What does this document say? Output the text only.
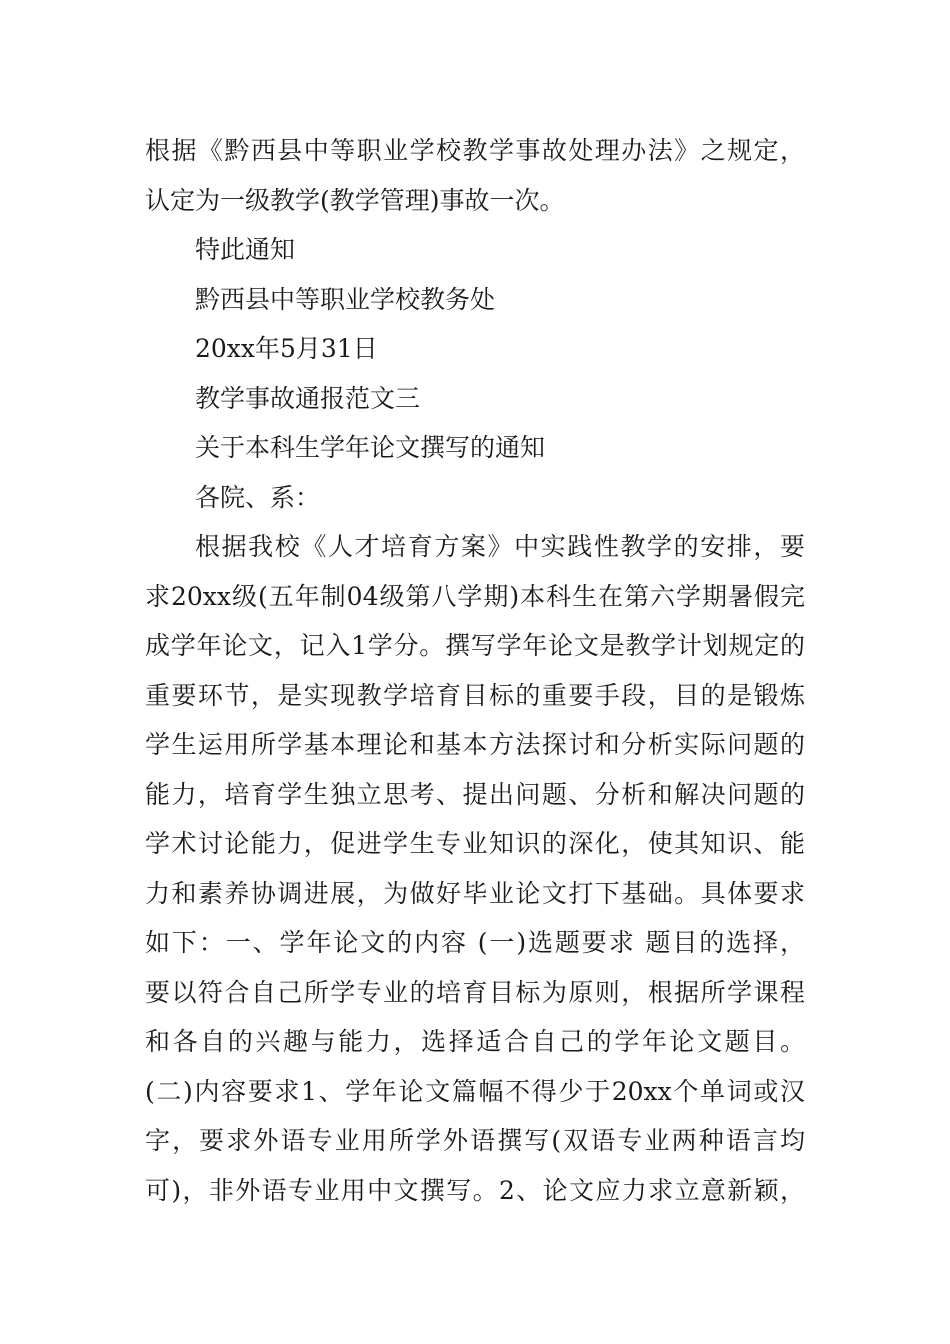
根据《黔西县中等职业学校教学事故处理办法》之规定，
认定为一级教学(教学管理)事故一次。
特此通知
黔西县中等职业学校教务处
20xx年5月31日
教学事故通报范文三
关于本科生学年论文撰写的通知
各院、系：
根据我校《人才培育方案》中实践性教学的安排，要
求20xx级(五年制04级第八学期)本科生在第六学期暑假完
成学年论文，记入1学分。撰写学年论文是教学计划规定的
重要环节，是实现教学培育目标的重要手段，目的是锻炼
学生运用所学基本理论和基本方法探讨和分析实际问题的
能力，培育学生独立思考、提出问题、分析和解决问题的
学术讨论能力，促进学生专业知识的深化，使其知识、能
力和素养协调进展，为做好毕业论文打下基础。具体要求
如下：一、学年论文的内容 (一)选题要求 题目的选择，
要以符合自己所学专业的培育目标为原则，根据所学课程
和各自的兴趣与能力，选择适合自己的学年论文题目。
(二)内容要求1、学年论文篇幅不得少于20xx个单词或汉
字，要求外语专业用所学外语撰写(双语专业两种语言均
可)，非外语专业用中文撰写。2、论文应力求立意新颖，
